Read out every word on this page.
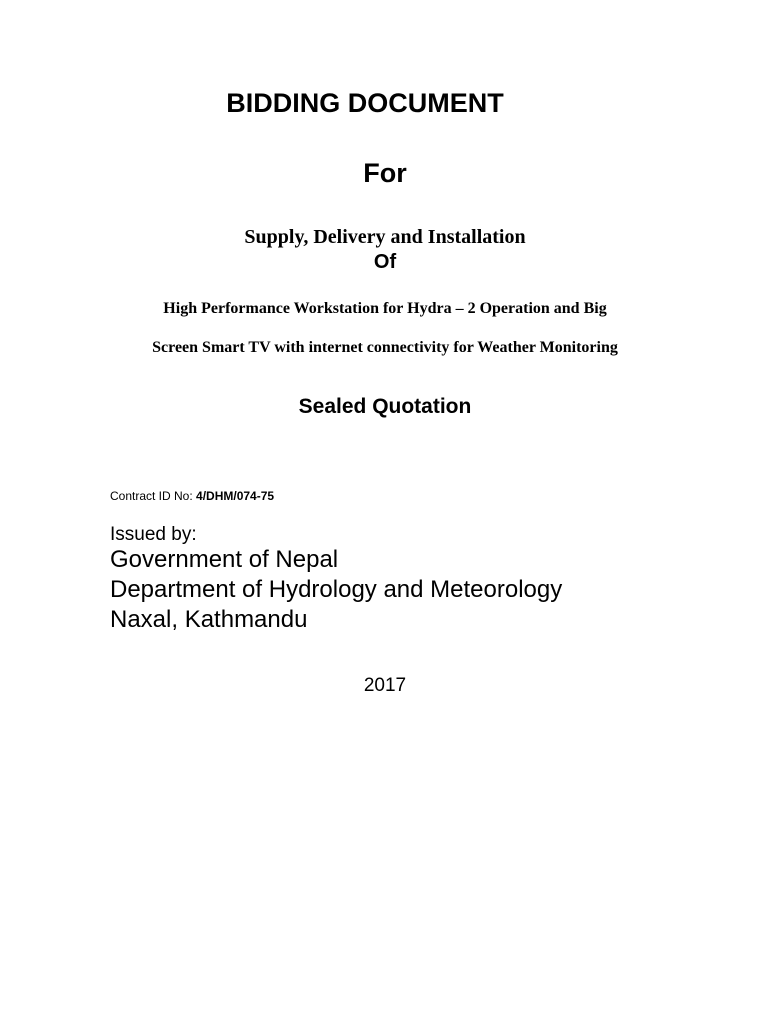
BIDDING DOCUMENT
For
Supply, Delivery and Installation
Of
High Performance Workstation for Hydra – 2 Operation and Big
Screen Smart TV with internet connectivity for Weather Monitoring
Sealed Quotation
Contract ID No: 4/DHM/074-75
Issued by:
Government of Nepal
Department of Hydrology and Meteorology
Naxal, Kathmandu
2017
